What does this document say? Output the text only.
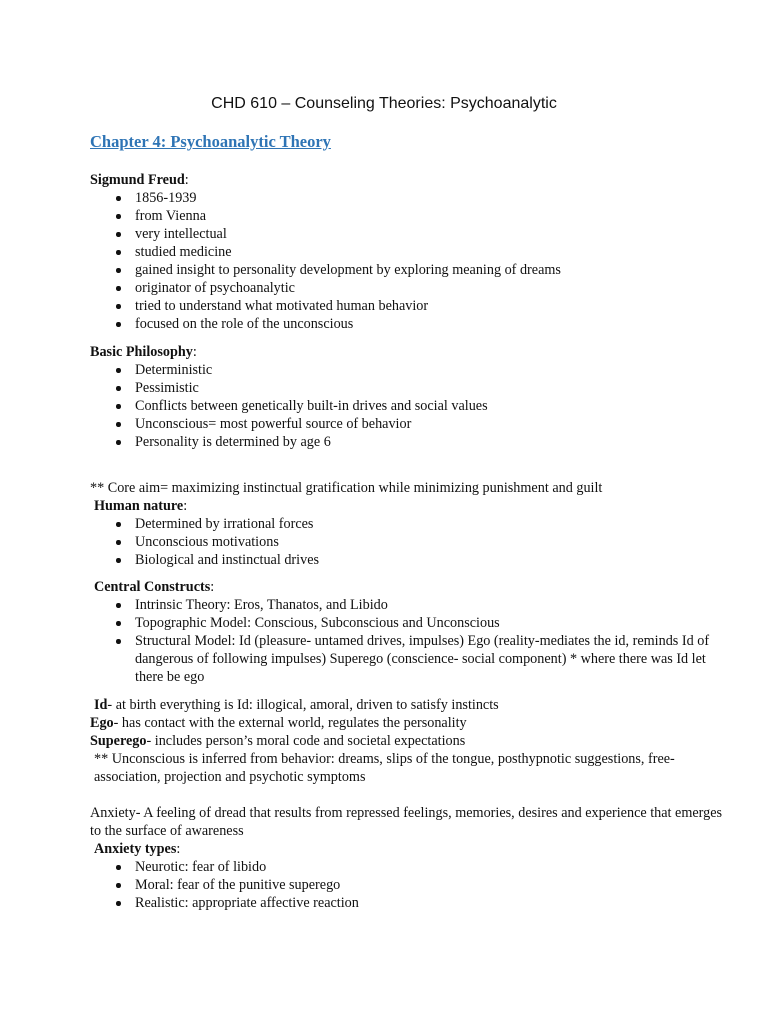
CHD 610 – Counseling Theories: Psychoanalytic
Chapter 4: Psychoanalytic Theory
Sigmund Freud:
1856-1939
from Vienna
very intellectual
studied medicine
gained insight to personality development by exploring meaning of dreams
originator of psychoanalytic
tried to understand what motivated human behavior
focused on the role of the unconscious
Basic Philosophy:
Deterministic
Pessimistic
Conflicts between genetically built-in drives and social values
Unconscious= most powerful source of behavior
Personality is determined by age 6
** Core aim= maximizing instinctual gratification while minimizing punishment and guilt
Human nature:
Determined by irrational forces
Unconscious motivations
Biological and instinctual drives
Central Constructs:
Intrinsic Theory: Eros, Thanatos, and Libido
Topographic Model: Conscious, Subconscious and Unconscious
Structural Model: Id (pleasure- untamed drives, impulses) Ego (reality-mediates the id, reminds Id of dangerous of following impulses) Superego (conscience- social component) * where there was Id let there be ego
Id- at birth everything is Id: illogical, amoral, driven to satisfy instincts
Ego- has contact with the external world, regulates the personality
Superego- includes person’s moral code and societal expectations
** Unconscious is inferred from behavior: dreams, slips of the tongue, posthypnotic suggestions, free-association, projection and psychotic symptoms
Anxiety- A feeling of dread that results from repressed feelings, memories, desires and experience that emerges to the surface of awareness
Anxiety types:
Neurotic: fear of libido
Moral: fear of the punitive superego
Realistic: appropriate affective reaction
